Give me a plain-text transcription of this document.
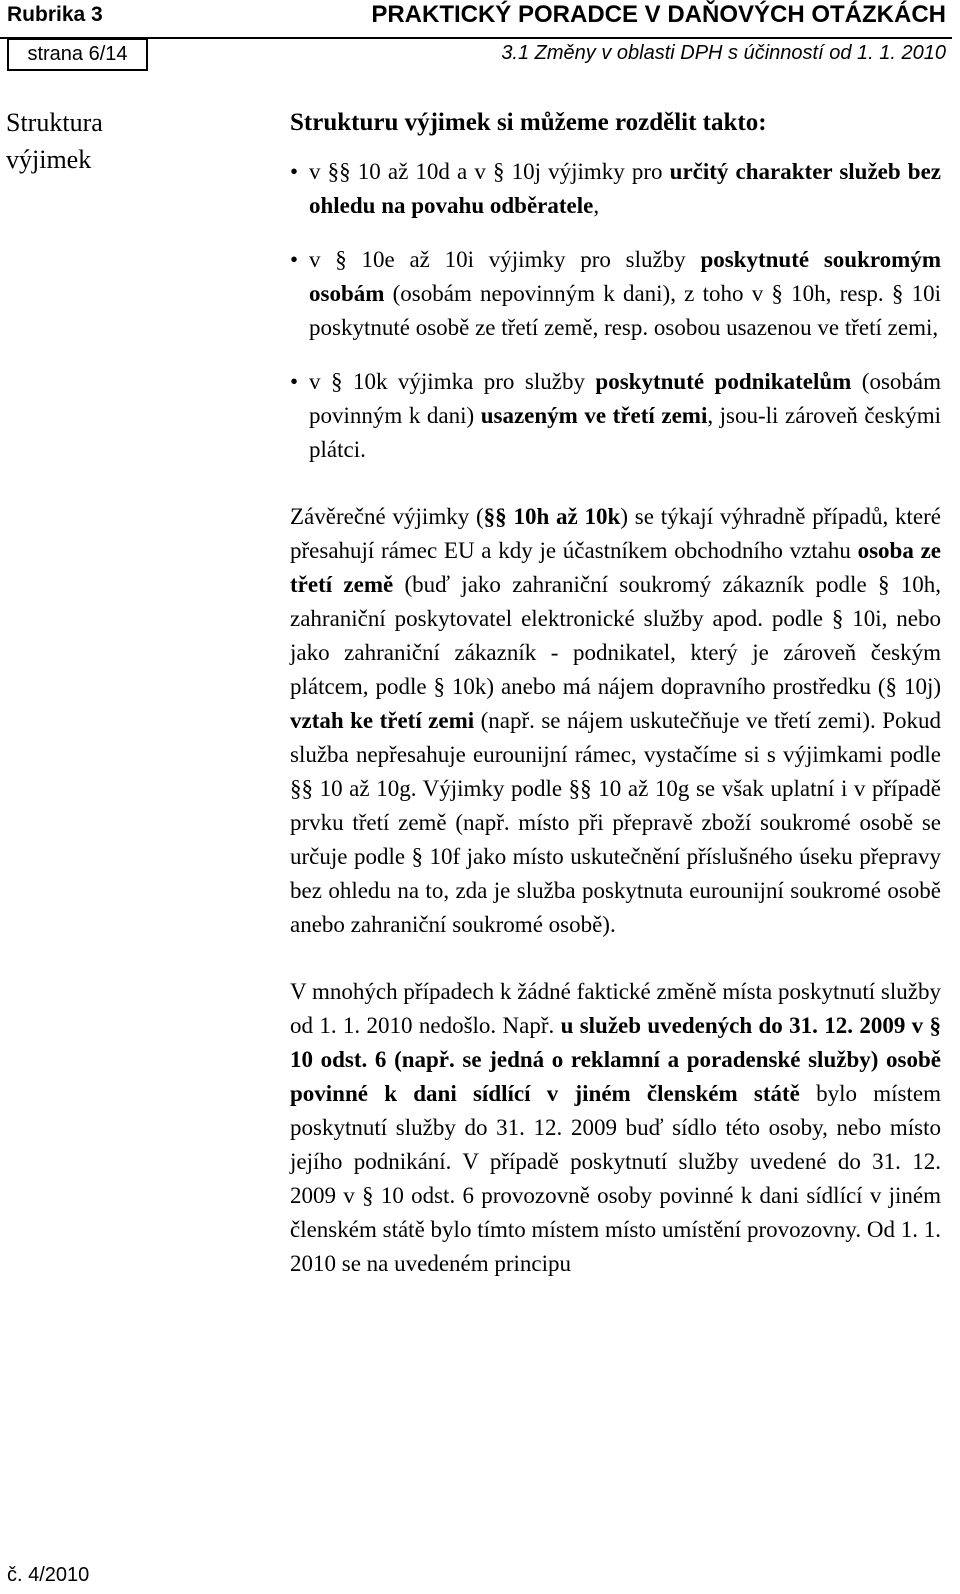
Rubrika 3	PRAKTICKÝ PORADCE V DAŇOVÝCH OTÁZKÁCH
strana 6/14	3.1 Změny v oblasti DPH s účinností od 1. 1. 2010
Struktura
výjimek

Strukturu výjimek si můžeme rozdělit takto:

• v §§ 10 až 10d a v § 10j výjimky pro určitý charakter služeb bez ohledu na povahu odběratele,
• v § 10e až 10i výjimky pro služby poskytnuté soukromým osobám (osobám nepovinným k dani), z toho v § 10h, resp. § 10i poskytnuté osobě ze třetí země, resp. osobou usazenou ve třetí zemi,
• v § 10k výjimka pro služby poskytnuté podnikatelům (osobám povinným k dani) usazeným ve třetí zemi, jsou-li zároveň českými plátci.

Závěrečné výjimky (§§ 10h až 10k) se týkají výhradně případů, které přesahují rámec EU a kdy je účastníkem obchodního vztahu osoba ze třetí země (buď jako zahraniční soukromý zákazník podle § 10h, zahraniční poskytovatel elektronické služby apod. podle § 10i, nebo jako zahraniční zákazník - podnikatel, který je zároveň českým plátcem, podle § 10k) anebo má nájem dopravního prostředku (§ 10j) vztah ke třetí zemi (např. se nájem uskutečňuje ve třetí zemi). Pokud služba nepřesahuje eurounijní rámec, vystačíme si s výjimkami podle §§ 10 až 10g. Výjimky podle §§ 10 až 10g se však uplatní i v případě prvku třetí země (např. místo při přepravě zboží soukromé osobě se určuje podle § 10f jako místo uskutečnění příslušného úseku přepravy bez ohledu na to, zda je služba poskytnuta eurounijní soukromé osobě anebo zahraniční soukromé osobě).

V mnohých případech k žádné faktické změně místa poskytnutí služby od 1. 1. 2010 nedošlo. Např. u služeb uvedených do 31. 12. 2009 v § 10 odst. 6 (např. se jedná o reklamní a poradenské služby) osobě povinné k dani sídlící v jiném členském státě bylo místem poskytnutí služby do 31. 12. 2009 buď sídlo této osoby, nebo místo jejího podnikání. V případě poskytnutí služby uvedené do 31. 12. 2009 v § 10 odst. 6 provozovně osoby povinné k dani sídlící v jiném členském státě bylo tímto místem místo umístění provozovny. Od 1. 1. 2010 se na uvedeném principu

č. 4/2010
